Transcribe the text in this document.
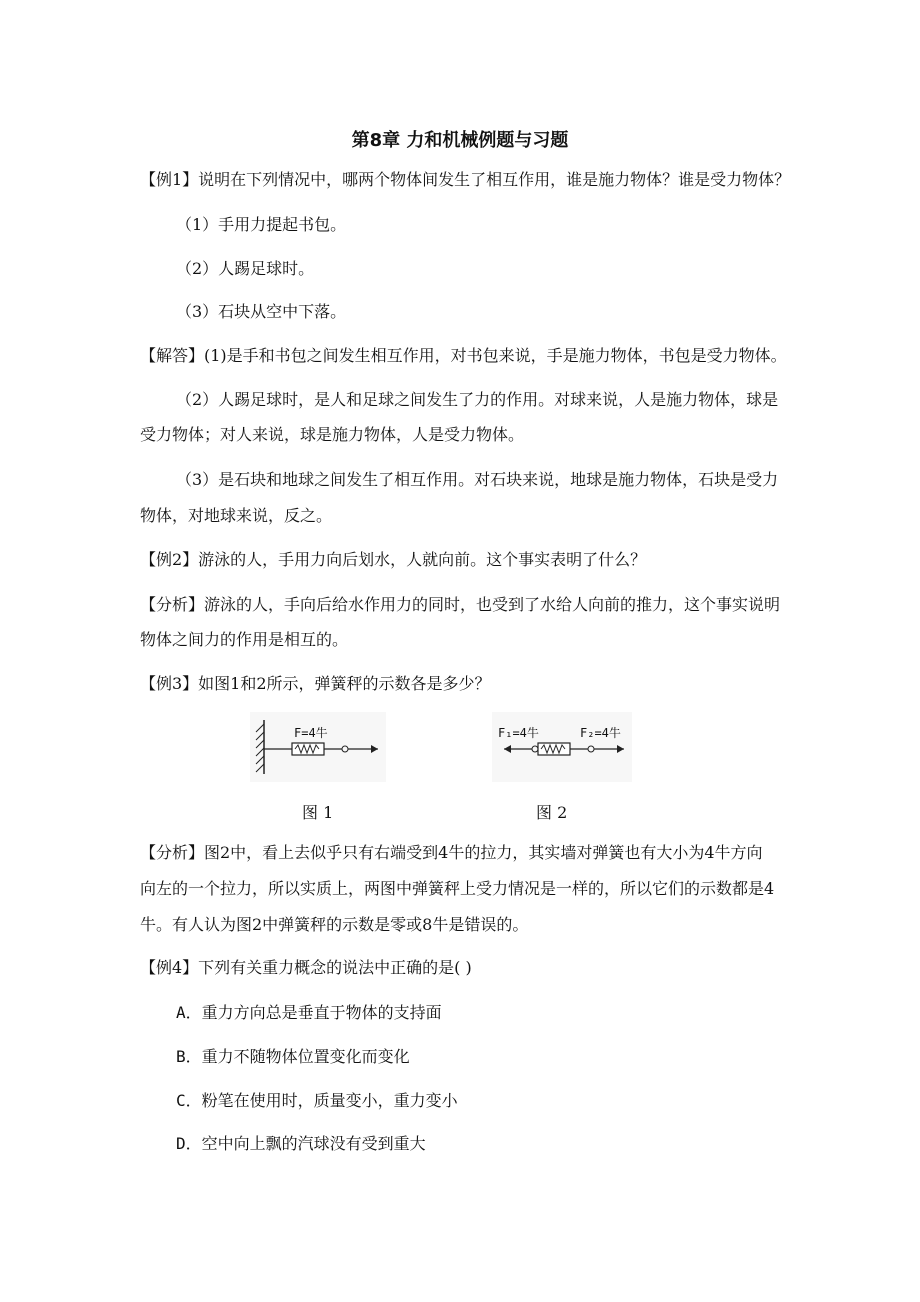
第8章 力和机械例题与习题
【例1】说明在下列情况中，哪两个物体间发生了相互作用，谁是施力物体？谁是受力物体？
（1）手用力提起书包。
（2）人踢足球时。
（3）石块从空中下落。
【解答】(1)是手和书包之间发生相互作用，对书包来说，手是施力物体，书包是受力物体。
（2）人踢足球时，是人和足球之间发生了力的作用。对球来说，人是施力物体，球是
受力物体；对人来说，球是施力物体，人是受力物体。
（3）是石块和地球之间发生了相互作用。对石块来说，地球是施力物体，石块是受力
物体，对地球来说，反之。
【例2】游泳的人，手用力向后划水，人就向前。这个事实表明了什么？
【分析】游泳的人，手向后给水作用力的同时，也受到了水给人向前的推力，这个事实说明
物体之间力的作用是相互的。
【例3】如图1和2所示，弹簧秤的示数各是多少？
F=4牛	F₁=4牛	F₂=4牛
图 1	图 2
【分析】图2中，看上去似乎只有右端受到4牛的拉力，其实墙对弹簧也有大小为4牛方向
向左的一个拉力，所以实质上，两图中弹簧秤上受力情况是一样的，所以它们的示数都是4
牛。有人认为图2中弹簧秤的示数是零或8牛是错误的。
【例4】下列有关重力概念的说法中正确的是( )
A．重力方向总是垂直于物体的支持面
B．重力不随物体位置变化而变化
C．粉笔在使用时，质量变小，重力变小
D．空中向上飘的汽球没有受到重大
